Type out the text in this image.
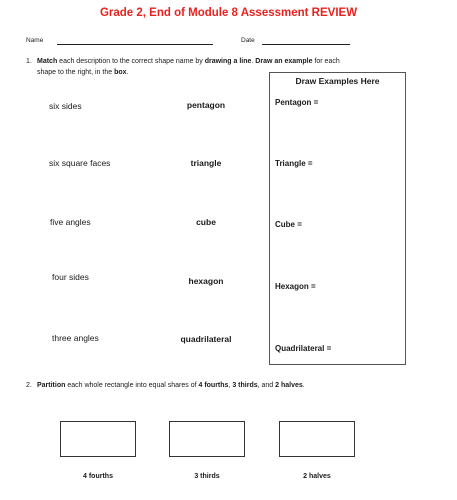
Grade 2, End of Module 8 Assessment REVIEW
Name	Date
1. Match each description to the correct shape name by drawing a line. Draw an example for each
shape to the right, in the box.
six sides
six square faces
five angles
four sides
three angles
pentagon
triangle
cube
hexagon
quadrilateral
Draw Examples Here
Pentagon =
Triangle =
Cube =
Hexagon =
Quadrilateral =
2. Partition each whole rectangle into equal shares of 4 fourths, 3 thirds, and 2 halves.
4 fourths	3 thirds	2 halves
